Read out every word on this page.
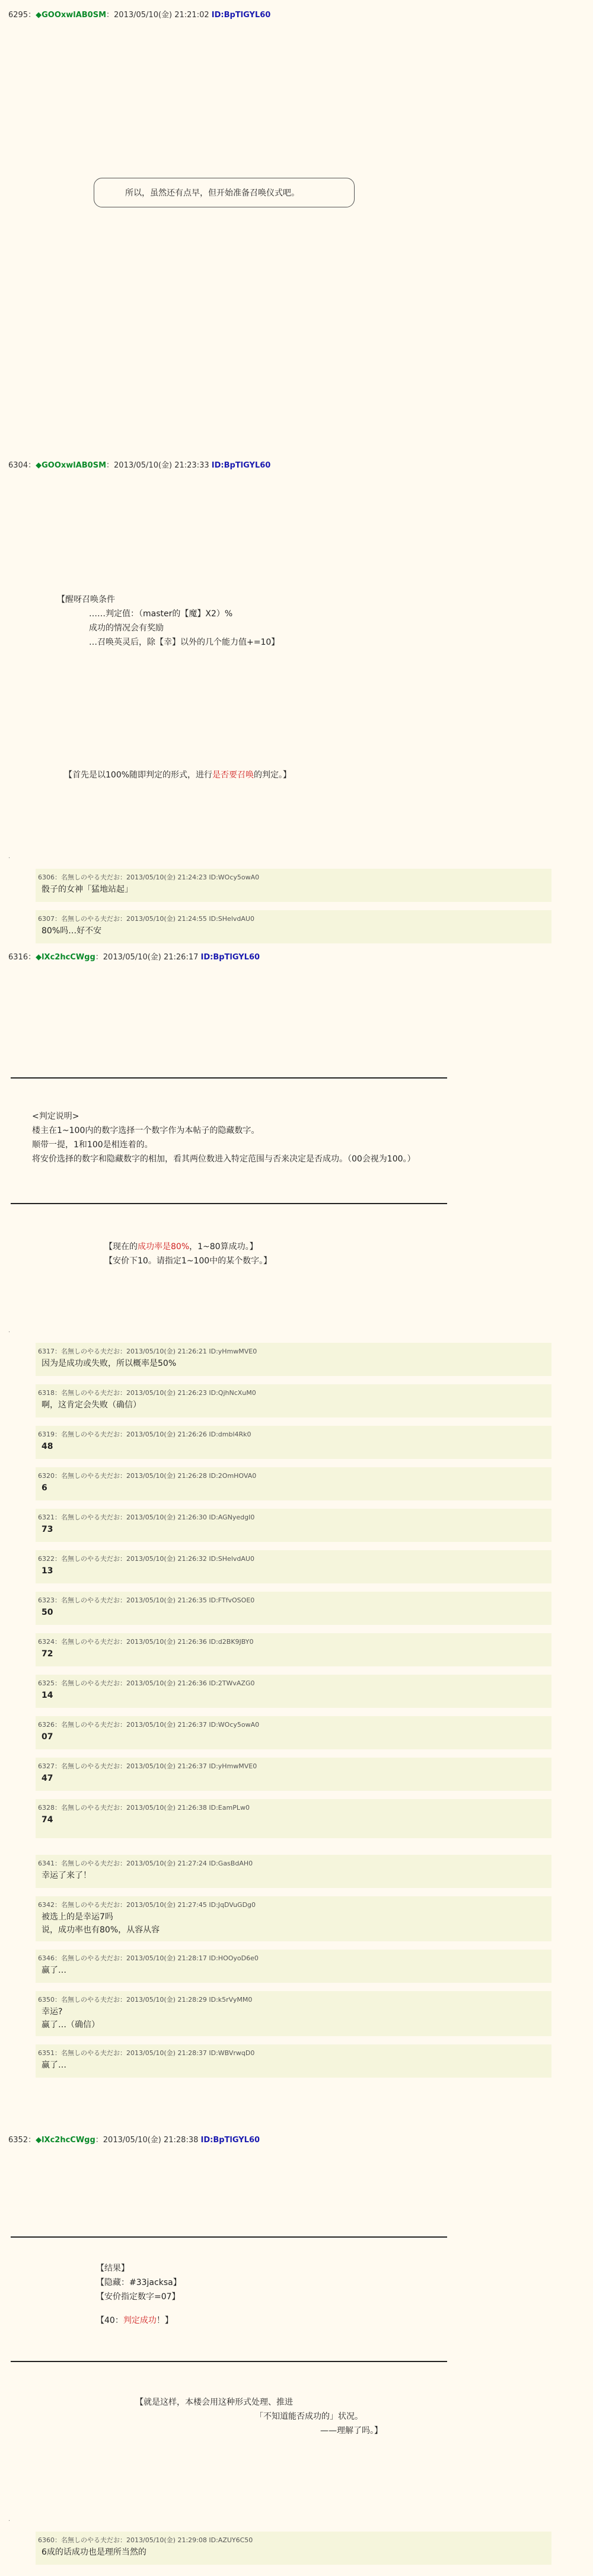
6295：◆GOOxwlAB0SM：2013/05/10(金) 21:21:02 ID:BpTlGYL60
所以，虽然还有点早，但开始准备召唤仪式吧。
6304：◆GOOxwlAB0SM：2013/05/10(金) 21:23:33 ID:BpTlGYL60
【醒呀召唤条件
……判定值：（master的【魔】X2）%
成功的情况会有奖励
…召唤英灵后，除【幸】以外的几个能力值+=10】
【首先是以100%随即判定的形式，进行是否要召唤的判定。】
.
6306：名無しのやる夫だお：2013/05/10(金) 21:24:23 ID:WOcy5owA0
骰子的女神「猛地站起」
6307：名無しのやる夫だお：2013/05/10(金) 21:24:55 ID:SHelvdAU0
80%吗…好不安
6316：◆lXc2hcCWgg：2013/05/10(金) 21:26:17 ID:BpTlGYL60
<判定说明>
楼主在1~100内的数字选择一个数字作为本帖子的隐藏数字。
顺带一提，1和100是相连着的。
将安价选择的数字和隐藏数字的相加，看其两位数进入特定范围与否来决定是否成功。（00会视为100。）
【现在的成功率是80%，1~80算成功。】
【安价下10。请指定1~100中的某个数字。】
.
6317：名無しのやる夫だお：2013/05/10(金) 21:26:21 ID:yHmwMVE0
因为是成功或失败，所以概率是50%
6318：名無しのやる夫だお：2013/05/10(金) 21:26:23 ID:QjhNcXuM0
啊，这肯定会失败（确信）
6319：名無しのやる夫だお：2013/05/10(金) 21:26:26 ID:dmbl4Rk0
48
6320：名無しのやる夫だお：2013/05/10(金) 21:26:28 ID:2OmHOVA0
6
6321：名無しのやる夫だお：2013/05/10(金) 21:26:30 ID:AGNyedgI0
73
6322：名無しのやる夫だお：2013/05/10(金) 21:26:32 ID:SHelvdAU0
13
6323：名無しのやる夫だお：2013/05/10(金) 21:26:35 ID:FTfvOSOE0
50
6324：名無しのやる夫だお：2013/05/10(金) 21:26:36 ID:d2BK9JBY0
72
6325：名無しのやる夫だお：2013/05/10(金) 21:26:36 ID:2TWvAZG0
14
6326：名無しのやる夫だお：2013/05/10(金) 21:26:37 ID:WOcy5owA0
07
6327：名無しのやる夫だお：2013/05/10(金) 21:26:37 ID:yHmwMVE0
47
6328：名無しのやる夫だお：2013/05/10(金) 21:26:38 ID:EamPLw0
74
6341：名無しのやる夫だお：2013/05/10(金) 21:27:24 ID:GasBdAH0
幸运了来了！
6342：名無しのやる夫だお：2013/05/10(金) 21:27:45 ID:JqDVuGDg0
被选上的是幸运7吗
说，成功率也有80%，从容从容
6346：名無しのやる夫だお：2013/05/10(金) 21:28:17 ID:HOOyoD6e0
赢了…
6350：名無しのやる夫だお：2013/05/10(金) 21:28:29 ID:k5rVyMM0
幸运?
赢了…（确信）
6351：名無しのやる夫だお：2013/05/10(金) 21:28:37 ID:WBVrwqD0
赢了…
6352：◆lXc2hcCWgg：2013/05/10(金) 21:28:38 ID:BpTlGYL60
【结果】
【隐藏：#33jacksa】
【安价指定数字=07】
【40：判定成功！】
【就是这样，本楼会用这种形式处理、推进
「不知道能否成功的」状况。
——理解了吗。】
.
6360：名無しのやる夫だお：2013/05/10(金) 21:29:08 ID:AZUY6C50
6成的话成功也是理所当然的
